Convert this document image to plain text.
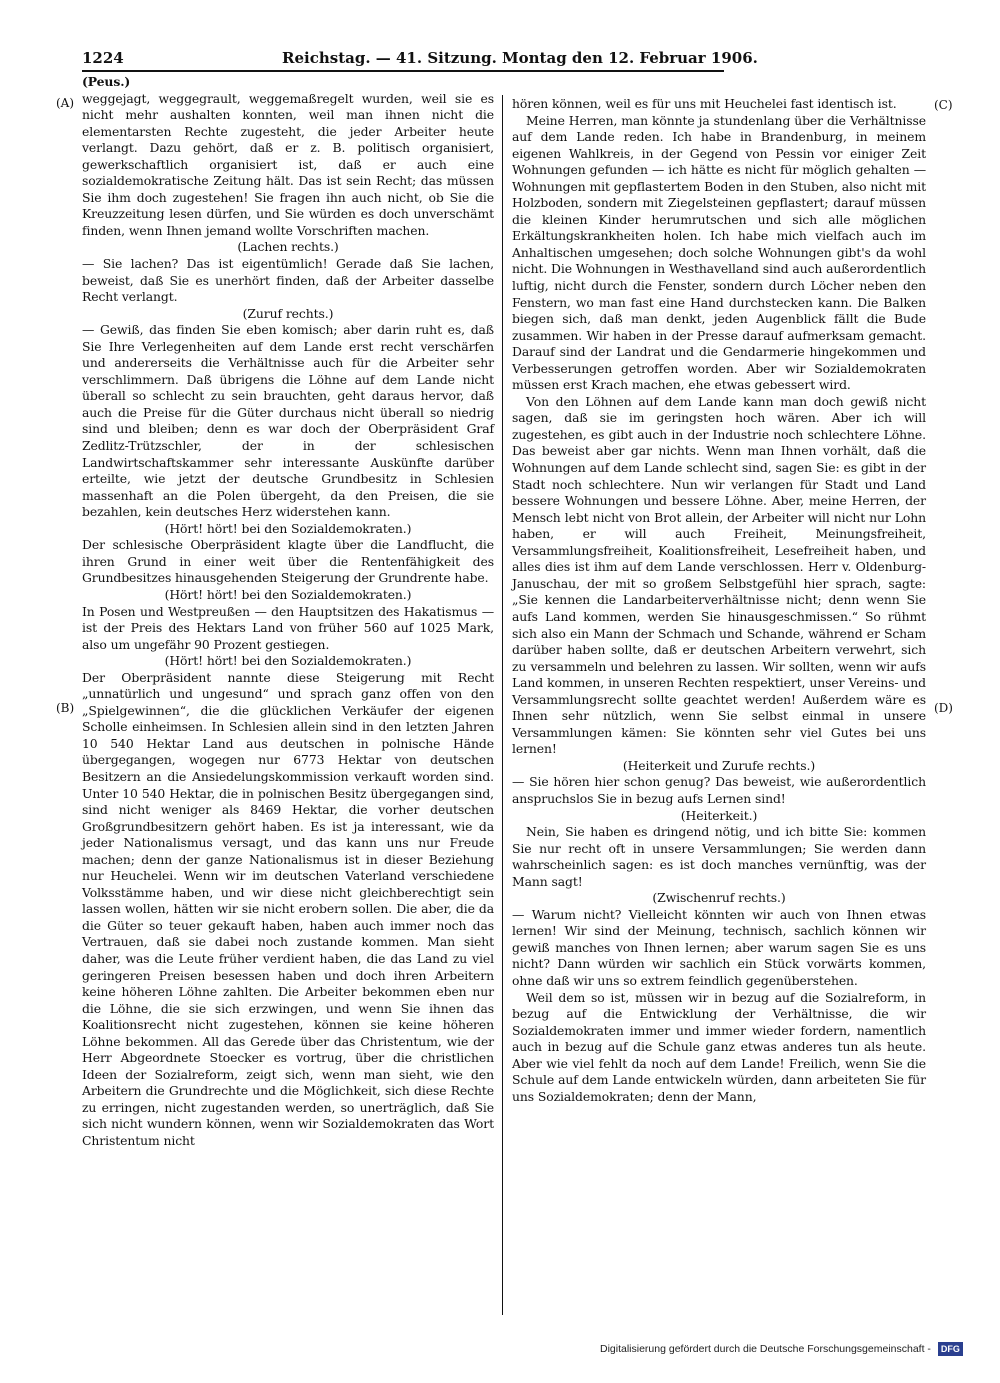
1224	Reichstag. — 41. Sitzung. Montag den 12. Februar 1906.
(A)
(B)
(C)
(D)

(Peus.)

weggejagt, weggegrault, weggemaßregelt wurden, weil sie es nicht mehr aushalten konnten, weil man ihnen nicht die elementarsten Rechte zugesteht, die jeder Arbeiter heute verlangt. Dazu gehört, daß er z. B. politisch organisiert, gewerkschaftlich organisiert ist, daß er auch eine sozialdemokratische Zeitung hält. Das ist sein Recht; das müssen Sie ihm doch zugestehen! Sie fragen ihn auch nicht, ob Sie die Kreuzzeitung lesen dürfen, und Sie würden es doch unverschämt finden, wenn Ihnen jemand wollte Vorschriften machen.

(Lachen rechts.)

— Sie lachen? Das ist eigentümlich! Gerade daß Sie lachen, beweist, daß Sie es unerhört finden, daß der Arbeiter dasselbe Recht verlangt.

(Zuruf rechts.)

— Gewiß, das finden Sie eben komisch; aber darin ruht es, daß Sie Ihre Verlegenheiten auf dem Lande erst recht verschärfen und andererseits die Verhältnisse auch für die Arbeiter sehr verschlimmern. Daß übrigens die Löhne auf dem Lande nicht überall so schlecht zu sein brauchten, geht daraus hervor, daß auch die Preise für die Güter durchaus nicht überall so niedrig sind und bleiben; denn es war doch der Oberpräsident Graf Zedlitz-Trützschler, der in der schlesischen Landwirtschaftskammer sehr interessante Auskünfte darüber erteilte, wie jetzt der deutsche Grundbesitz in Schlesien massenhaft an die Polen übergeht, da den Preisen, die sie bezahlen, kein deutsches Herz widerstehen kann.

(Hört! hört! bei den Sozialdemokraten.)

Der schlesische Oberpräsident klagte über die Landflucht, die ihren Grund in einer weit über die Rentenfähigkeit des Grundbesitzes hinausgehenden Steigerung der Grundrente habe.

(Hört! hört! bei den Sozialdemokraten.)

In Posen und Westpreußen — den Hauptsitzen des Hakatismus — ist der Preis des Hektars Land von früher 560 auf 1025 Mark, also um ungefähr 90 Prozent gestiegen.

(Hört! hört! bei den Sozialdemokraten.)

Der Oberpräsident nannte diese Steigerung mit Recht „unnatürlich und ungesund“ und sprach ganz offen von den „Spielgewinnen“, die die glücklichen Verkäufer der eigenen Scholle einheimsen. In Schlesien allein sind in den letzten Jahren 10 540 Hektar Land aus deutschen in polnische Hände übergegangen, wogegen nur 6773 Hektar von deutschen Besitzern an die Ansiedelungskommission verkauft worden sind. Unter 10 540 Hektar, die in polnischen Besitz übergegangen sind, sind nicht weniger als 8469 Hektar, die vorher deutschen Großgrundbesitzern gehört haben. Es ist ja interessant, wie da jeder Nationalismus versagt, und das kann uns nur Freude machen; denn der ganze Nationalismus ist in dieser Beziehung nur Heuchelei. Wenn wir im deutschen Vaterland verschiedene Volksstämme haben, und wir diese nicht gleichberechtigt sein lassen wollen, hätten wir sie nicht erobern sollen. Die aber, die da die Güter so teuer gekauft haben, haben auch immer noch das Vertrauen, daß sie dabei noch zustande kommen. Man sieht daher, was die Leute früher verdient haben, die das Land zu viel geringeren Preisen besessen haben und doch ihren Arbeitern keine höheren Löhne zahlten. Die Arbeiter bekommen eben nur die Löhne, die sie sich erzwingen, und wenn Sie ihnen das Koalitionsrecht nicht zugestehen, können sie keine höheren Löhne bekommen. All das Gerede über das Christentum, wie der Herr Abgeordnete Stoecker es vortrug, über die christlichen Ideen der Sozialreform, zeigt sich, wenn man sieht, wie den Arbeitern die Grundrechte und die Möglichkeit, sich diese Rechte zu erringen, nicht zugestanden werden, so unerträglich, daß Sie sich nicht wundern können, wenn wir Sozialdemokraten das Wort Christentum nicht

hören können, weil es für uns mit Heuchelei fast identisch ist.

Meine Herren, man könnte ja stundenlang über die Verhältnisse auf dem Lande reden. Ich habe in Brandenburg, in meinem eigenen Wahlkreis, in der Gegend von Pessin vor einiger Zeit Wohnungen gefunden — ich hätte es nicht für möglich gehalten — Wohnungen mit gepflastertem Boden in den Stuben, also nicht mit Holzboden, sondern mit Ziegelsteinen gepflastert; darauf müssen die kleinen Kinder herumrutschen und sich alle möglichen Erkältungskrankheiten holen. Ich habe mich vielfach auch im Anhaltischen umgesehen; doch solche Wohnungen gibt's da wohl nicht. Die Wohnungen in Westhavelland sind auch außerordentlich luftig, nicht durch die Fenster, sondern durch Löcher neben den Fenstern, wo man fast eine Hand durchstecken kann. Die Balken biegen sich, daß man denkt, jeden Augenblick fällt die Bude zusammen. Wir haben in der Presse darauf aufmerksam gemacht. Darauf sind der Landrat und die Gendarmerie hingekommen und Verbesserungen getroffen worden. Aber wir Sozialdemokraten müssen erst Krach machen, ehe etwas gebessert wird.

Von den Löhnen auf dem Lande kann man doch gewiß nicht sagen, daß sie im geringsten hoch wären. Aber ich will zugestehen, es gibt auch in der Industrie noch schlechtere Löhne. Das beweist aber gar nichts. Wenn man Ihnen vorhält, daß die Wohnungen auf dem Lande schlecht sind, sagen Sie: es gibt in der Stadt noch schlechtere. Nun wir verlangen für Stadt und Land bessere Wohnungen und bessere Löhne. Aber, meine Herren, der Mensch lebt nicht von Brot allein, der Arbeiter will nicht nur Lohn haben, er will auch Freiheit, Meinungsfreiheit, Versammlungsfreiheit, Koalitionsfreiheit, Lesefreiheit haben, und alles dies ist ihm auf dem Lande verschlossen. Herr v. Oldenburg-Januschau, der mit so großem Selbstgefühl hier sprach, sagte: „Sie kennen die Landarbeiterverhältnisse nicht; denn wenn Sie aufs Land kommen, werden Sie hinausgeschmissen.“ So rühmt sich also ein Mann der Schmach und Schande, während er Scham darüber haben sollte, daß er deutschen Arbeitern verwehrt, sich zu versammeln und belehren zu lassen. Wir sollten, wenn wir aufs Land kommen, in unseren Rechten respektiert, unser Vereins- und Versammlungsrecht sollte geachtet werden! Außerdem wäre es Ihnen sehr nützlich, wenn Sie selbst einmal in unsere Versammlungen kämen: Sie könnten sehr viel Gutes bei uns lernen!

(Heiterkeit und Zurufe rechts.)

— Sie hören hier schon genug? Das beweist, wie außerordentlich anspruchslos Sie in bezug aufs Lernen sind!

(Heiterkeit.)

Nein, Sie haben es dringend nötig, und ich bitte Sie: kommen Sie nur recht oft in unsere Versammlungen; Sie werden dann wahrscheinlich sagen: es ist doch manches vernünftig, was der Mann sagt!

(Zwischenruf rechts.)

— Warum nicht? Vielleicht könnten wir auch von Ihnen etwas lernen! Wir sind der Meinung, technisch, sachlich können wir gewiß manches von Ihnen lernen; aber warum sagen Sie es uns nicht? Dann würden wir sachlich ein Stück vorwärts kommen, ohne daß wir uns so extrem feindlich gegenüberstehen.

Weil dem so ist, müssen wir in bezug auf die Sozialreform, in bezug auf die Entwicklung der Verhältnisse, die wir Sozialdemokraten immer und immer wieder fordern, namentlich auch in bezug auf die Schule ganz etwas anderes tun als heute. Aber wie viel fehlt da noch auf dem Lande! Freilich, wenn Sie die Schule auf dem Lande entwickeln würden, dann arbeiteten Sie für uns Sozialdemokraten; denn der Mann,

Digitalisierung gefördert durch die Deutsche Forschungsgemeinschaft - DFG
